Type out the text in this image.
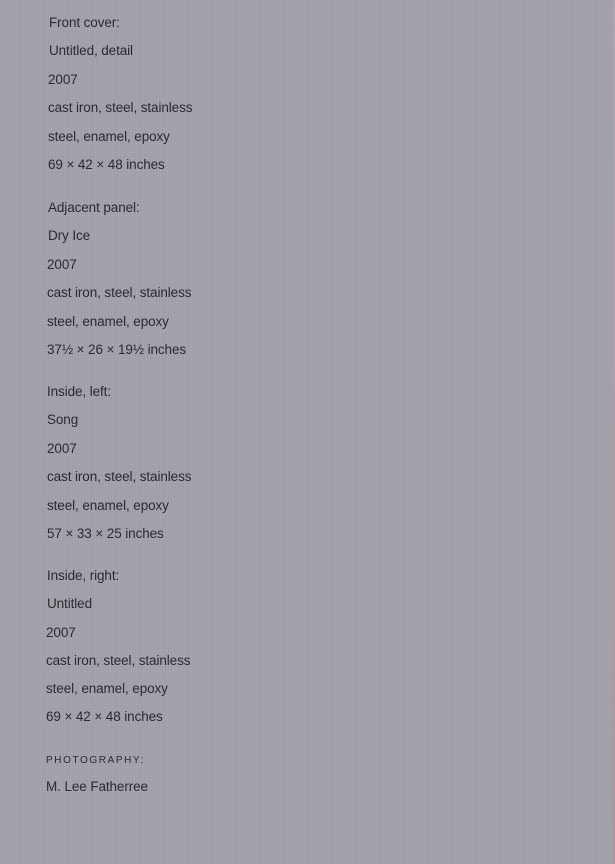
Front cover:
Untitled, detail
2007
cast iron, steel, stainless
steel, enamel, epoxy
69 × 42 × 48 inches
Adjacent panel:
Dry Ice
2007
cast iron, steel, stainless
steel, enamel, epoxy
37½ × 26 × 19½ inches
Inside, left:
Song
2007
cast iron, steel, stainless
steel, enamel, epoxy
57 × 33 × 25 inches
Inside, right:
Untitled
2007
cast iron, steel, stainless
steel, enamel, epoxy
69 × 42 × 48 inches
PHOTOGRAPHY:
M. Lee Fatherree
